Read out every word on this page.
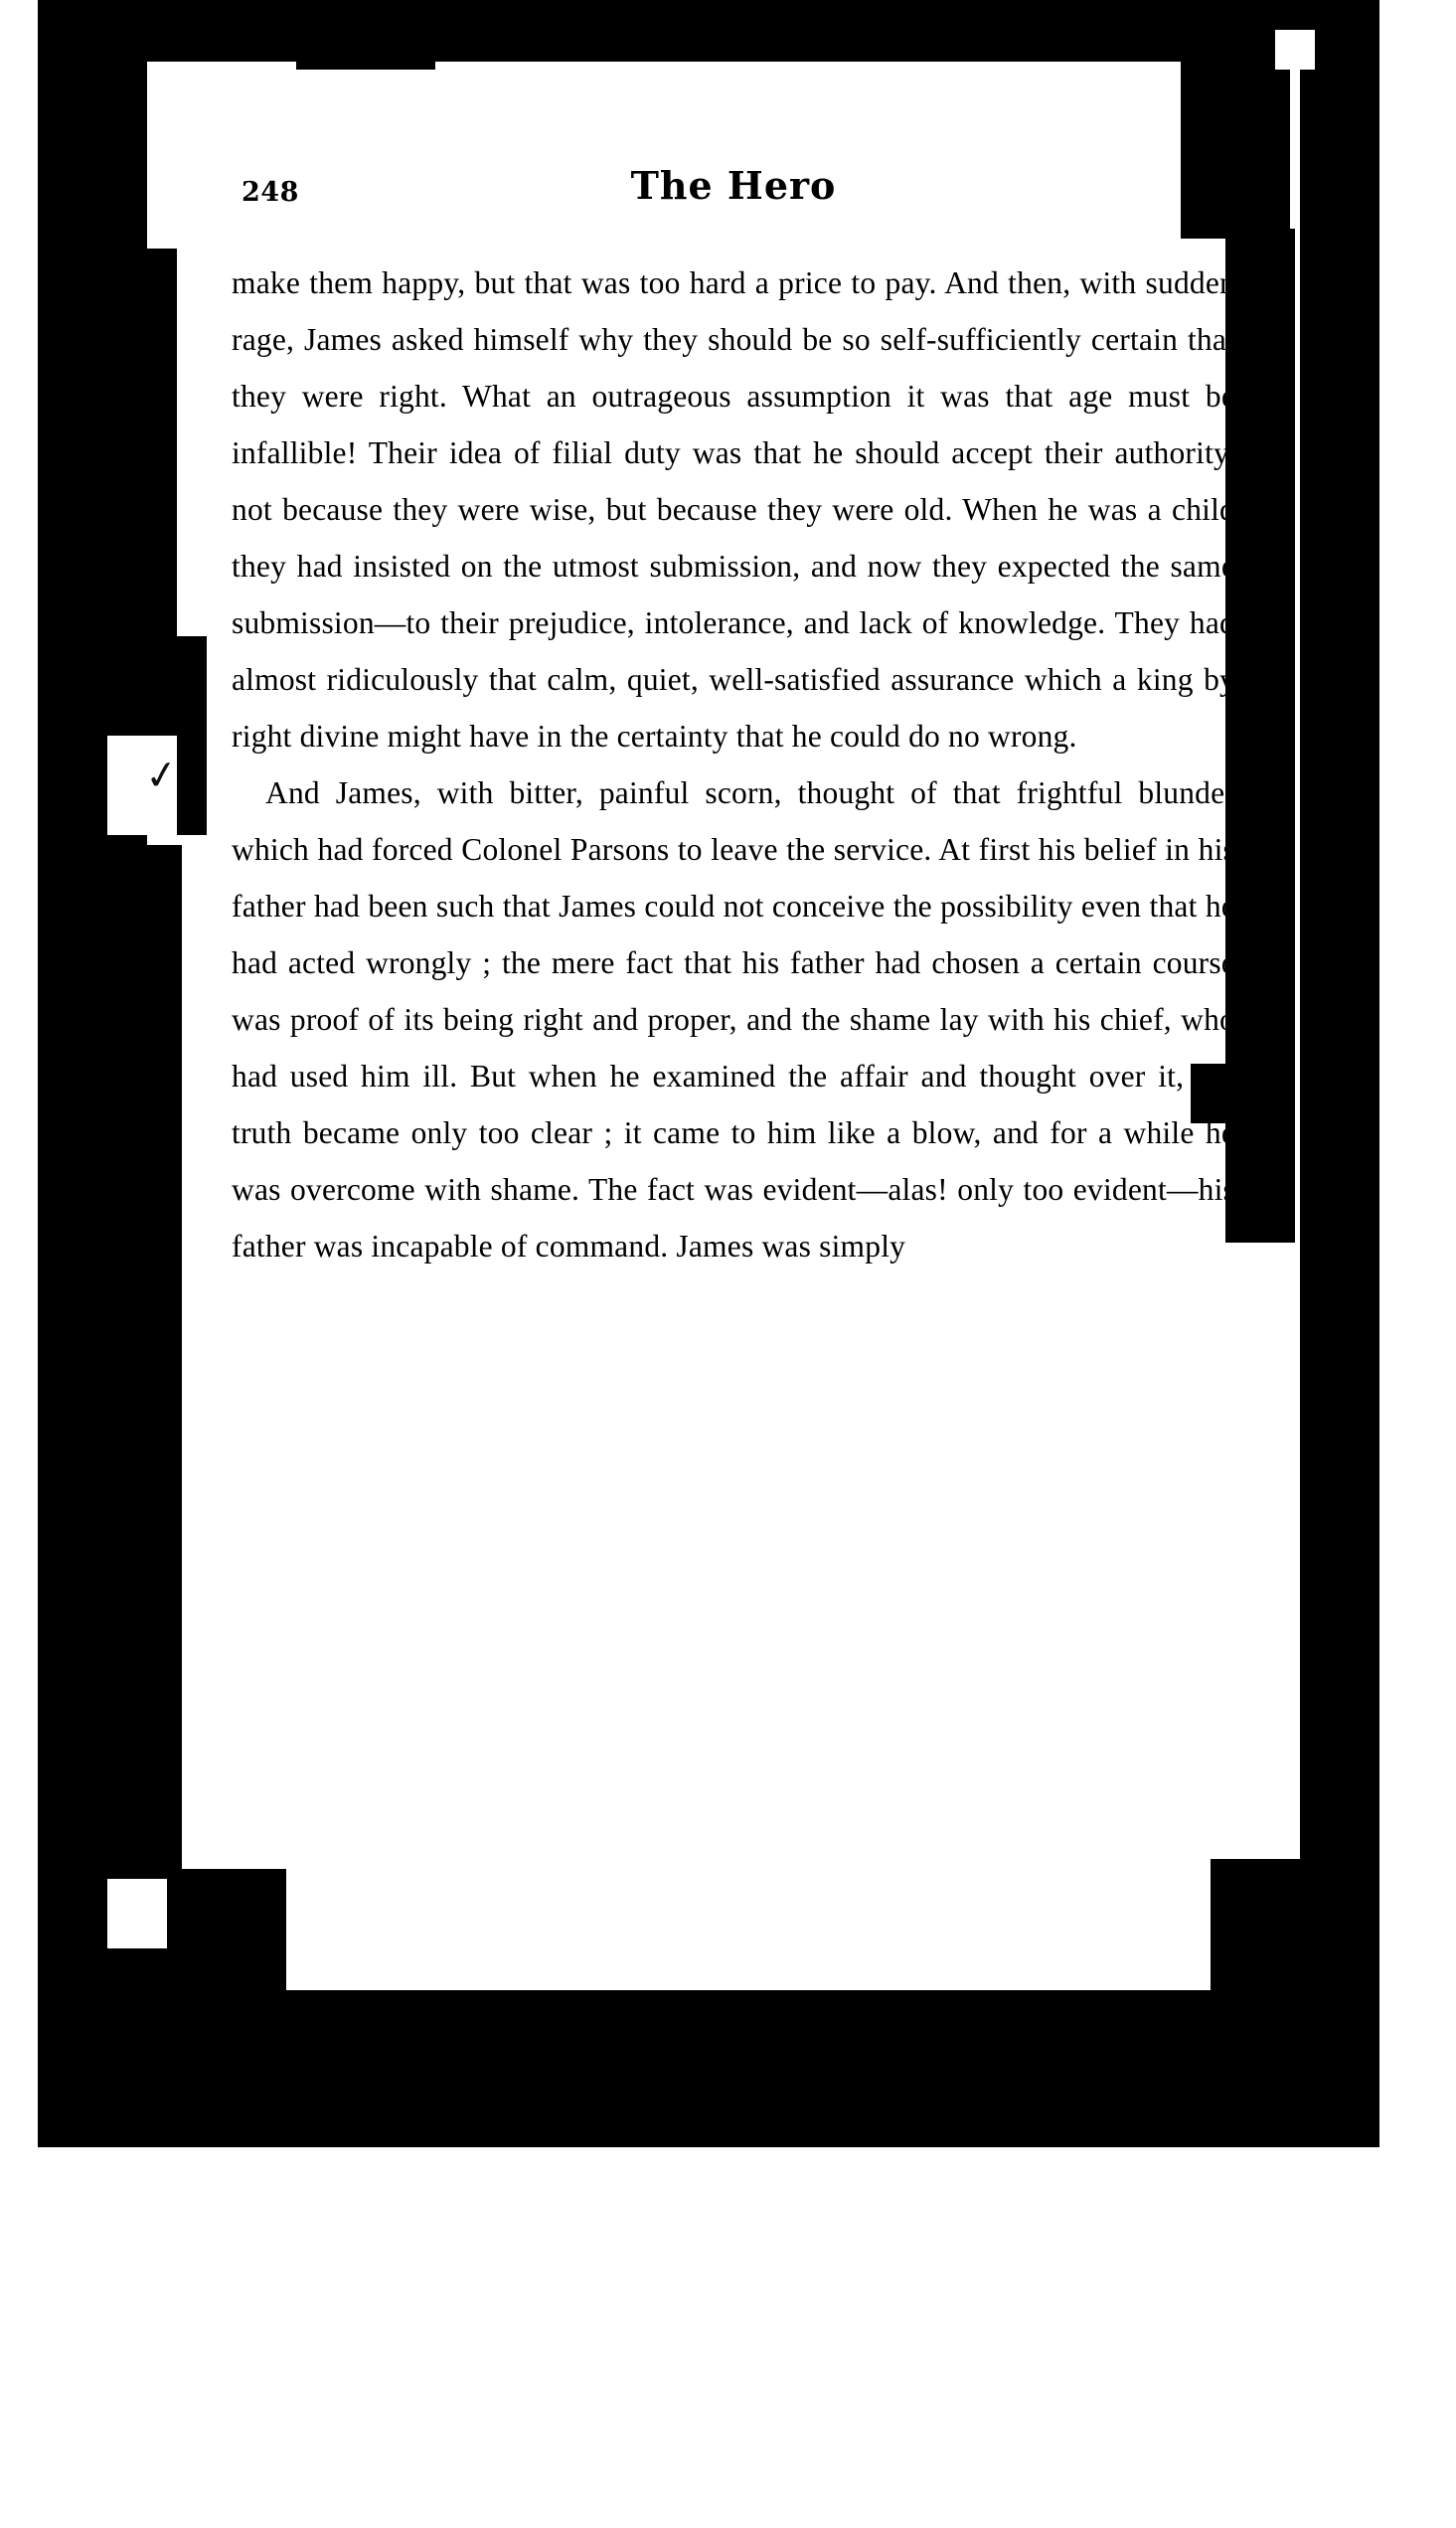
248	The Hero

make them happy, but that was too hard a price to pay. And then, with sudden rage, James asked himself why they should be so self-sufficiently certain that they were right. What an outrageous assumption it was that age must be infallible! Their idea of filial duty was that he should accept their authority, not because they were wise, but because they were old. When he was a child they had insisted on the utmost submission, and now they expected the same submission—to their prejudice, intolerance, and lack of knowledge. They had almost ridiculously that calm, quiet, well-satisfied assurance which a king by right divine might have in the certainty that he could do no wrong.

And James, with bitter, painful scorn, thought of that frightful blunder which had forced Colonel Parsons to leave the service. At first his belief in his father had been such that James could not conceive the possibility even that he had acted wrongly ; the mere fact that his father had chosen a certain course was proof of its being right and proper, and the shame lay with his chief, who had used him ill. But when he examined the affair and thought over it, the truth became only too clear ; it came to him like a blow, and for a while he was overcome with shame. The fact was evident—alas! only too evident—his father was incapable of command. James was simply

✓
